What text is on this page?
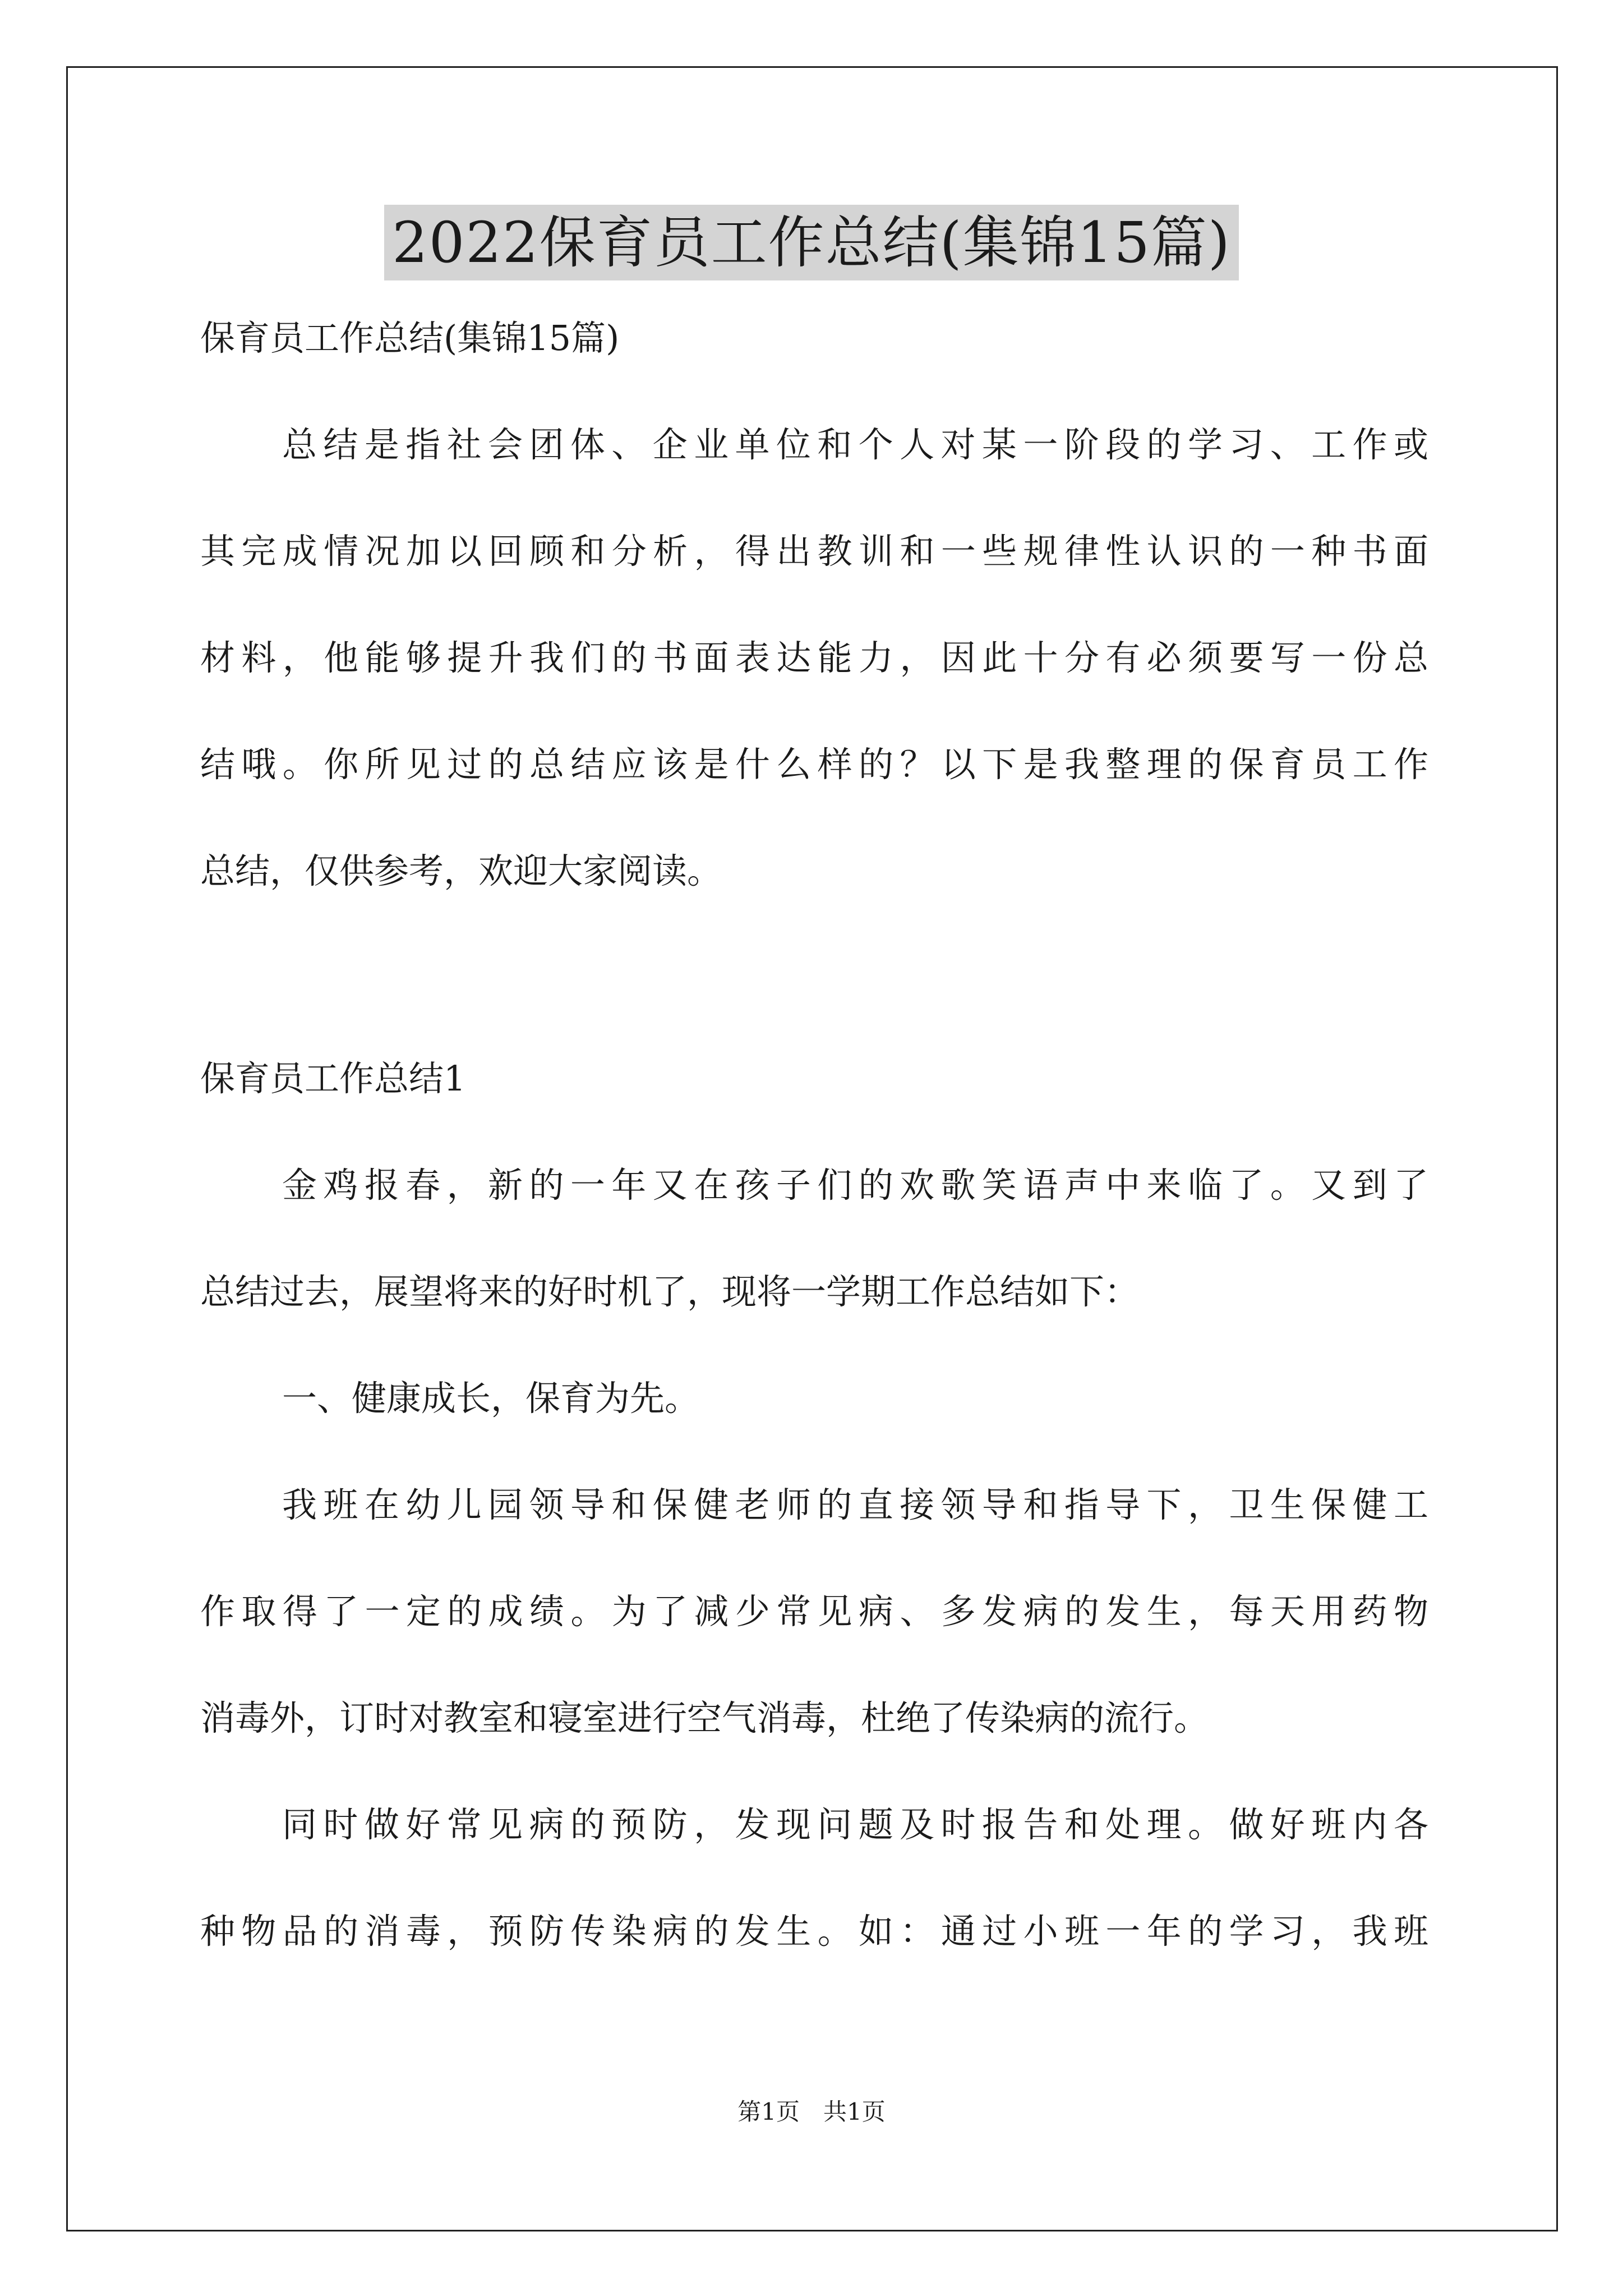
2022保育员工作总结(集锦15篇)
保育员工作总结(集锦15篇)
总结是指社会团体、企业单位和个人对某一阶段的学习、工作或
其完成情况加以回顾和分析，得出教训和一些规律性认识的一种书面
材料，他能够提升我们的书面表达能力，因此十分有必须要写一份总
结哦。你所见过的总结应该是什么样的？以下是我整理的保育员工作
总结，仅供参考，欢迎大家阅读。
保育员工作总结1
金鸡报春，新的一年又在孩子们的欢歌笑语声中来临了。又到了
总结过去，展望将来的好时机了，现将一学期工作总结如下：
一、健康成长，保育为先。
我班在幼儿园领导和保健老师的直接领导和指导下，卫生保健工
作取得了一定的成绩。为了减少常见病、多发病的发生，每天用药物
消毒外，订时对教室和寝室进行空气消毒，杜绝了传染病的流行。
同时做好常见病的预防，发现问题及时报告和处理。做好班内各
种物品的消毒，预防传染病的发生。如：通过小班一年的学习，我班
第1页　共1页
